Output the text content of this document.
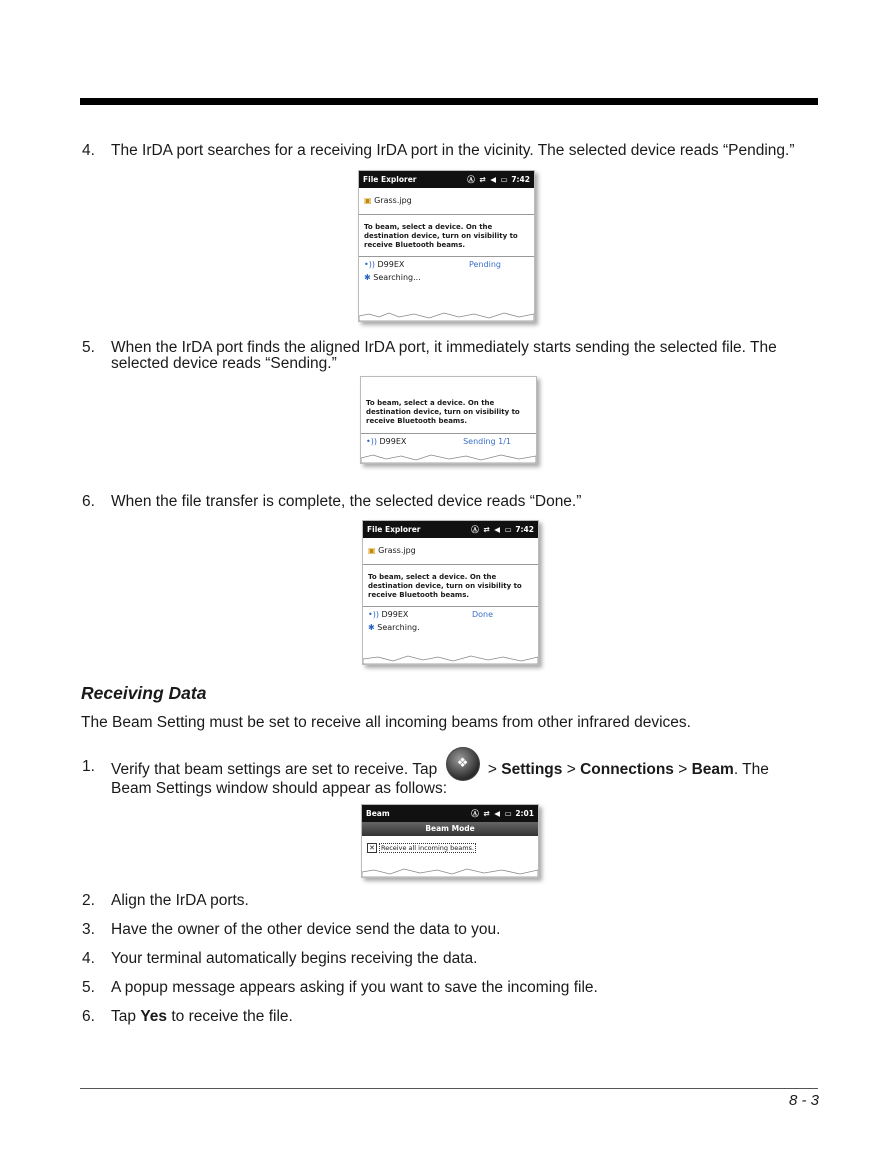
4.	The IrDA port searches for a receiving IrDA port in the vicinity. The selected device reads “Pending.”
File Explorer	Ⓐ ⇄ ◀ ▭ 7:42
▣ Grass.jpg
To beam, select a device. On the destination device, turn on visibility to receive Bluetooth beams.
•)) D99EX	Pending
✱ Searching...
5.	When the IrDA port finds the aligned IrDA port, it immediately starts sending the selected file. The selected device reads “Sending.”
To beam, select a device. On the destination device, turn on visibility to receive Bluetooth beams.
•)) D99EX	Sending 1/1
6.	When the file transfer is complete, the selected device reads “Done.”
File Explorer	Ⓐ ⇄ ◀ ▭ 7:42
▣ Grass.jpg
To beam, select a device. On the destination device, turn on visibility to receive Bluetooth beams.
•)) D99EX	Done
✱ Searching.
Receiving Data
The Beam Setting must be set to receive all incoming beams from other infrared devices.
1.	Verify that beam settings are set to receive. Tap ❖ > Settings > Connections > Beam. The Beam Settings window should appear as follows:
Beam	Ⓐ ⇄ ◀ ▭ 2:01
Beam Mode
✕ Receive all incoming beams.
2.	Align the IrDA ports.
3.	Have the owner of the other device send the data to you.
4.	Your terminal automatically begins receiving the data.
5.	A popup message appears asking if you want to save the incoming file.
6.	Tap Yes to receive the file.
8 - 3
